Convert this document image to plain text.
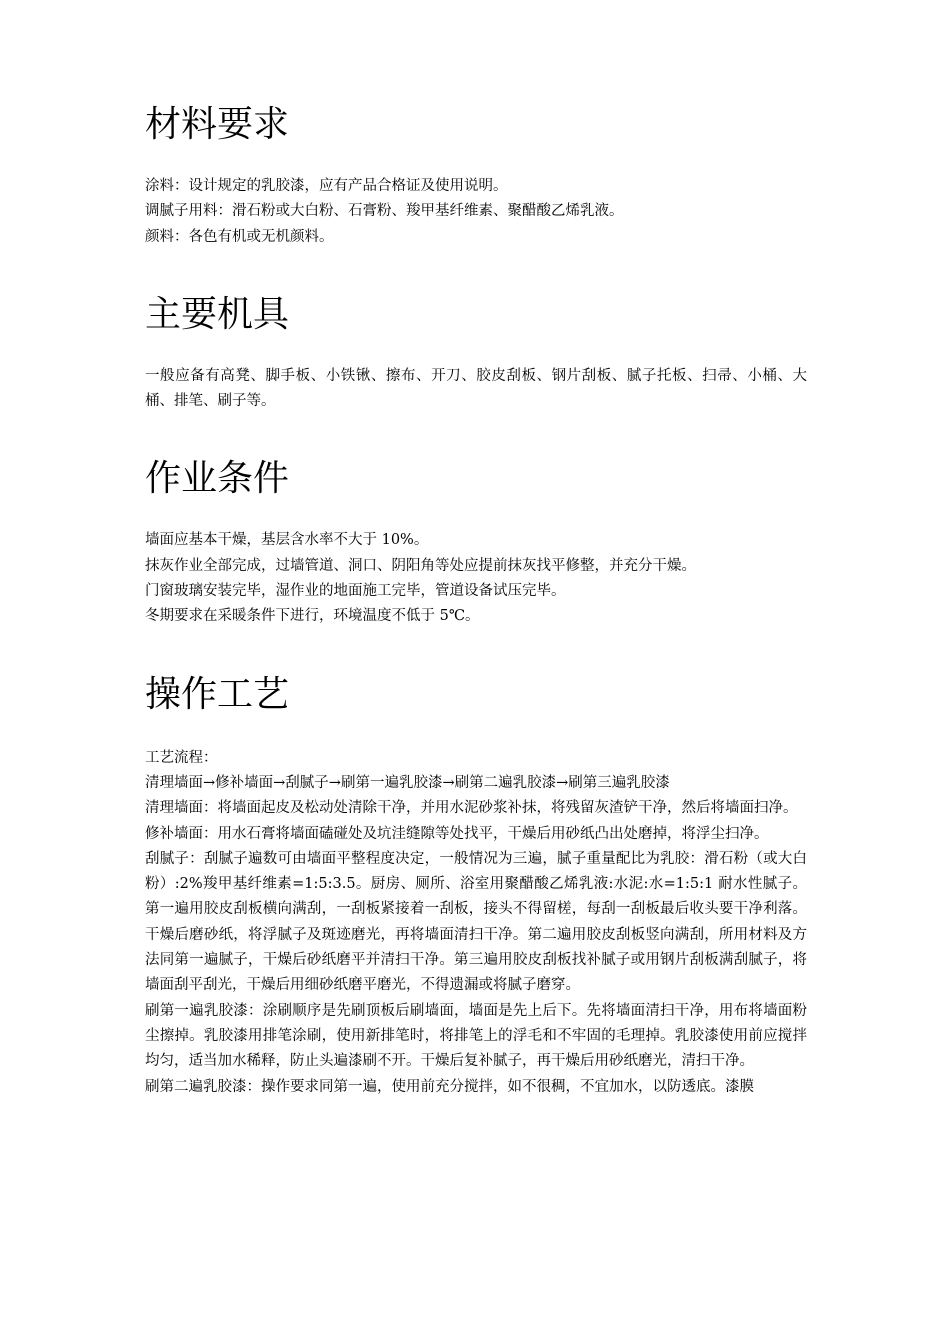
材料要求

涂料：设计规定的乳胶漆，应有产品合格证及使用说明。

调腻子用料：滑石粉或大白粉、石膏粉、羧甲基纤维素、聚醋酸乙烯乳液。

颜料：各色有机或无机颜料。

主要机具

一般应备有高凳、脚手板、小铁锹、擦布、开刀、胶皮刮板、钢片刮板、腻子托板、扫帚、小桶、大桶、排笔、刷子等。

作业条件

墙面应基本干燥，基层含水率不大于 10%。

抹灰作业全部完成，过墙管道、洞口、阴阳角等处应提前抹灰找平修整，并充分干燥。

门窗玻璃安装完毕，湿作业的地面施工完毕，管道设备试压完毕。

冬期要求在采暖条件下进行，环境温度不低于 5℃。

操作工艺

工艺流程：

清理墙面→修补墙面→刮腻子→刷第一遍乳胶漆→刷第二遍乳胶漆→刷第三遍乳胶漆

清理墙面：将墙面起皮及松动处清除干净，并用水泥砂浆补抹，将残留灰渣铲干净，然后将墙面扫净。

修补墙面：用水石膏将墙面磕碰处及坑洼缝隙等处找平，干燥后用砂纸凸出处磨掉，将浮尘扫净。

刮腻子：刮腻子遍数可由墙面平整程度决定，一般情况为三遍，腻子重量配比为乳胶：滑石粉（或大白粉）:2%羧甲基纤维素=1:5:3.5。厨房、厕所、浴室用聚醋酸乙烯乳液:水泥:水=1:5:1 耐水性腻子。第一遍用胶皮刮板横向满刮，一刮板紧接着一刮板，接头不得留槎，每刮一刮板最后收头要干净利落。干燥后磨砂纸，将浮腻子及斑迹磨光，再将墙面清扫干净。第二遍用胶皮刮板竖向满刮，所用材料及方法同第一遍腻子，干燥后砂纸磨平并清扫干净。第三遍用胶皮刮板找补腻子或用钢片刮板满刮腻子，将墙面刮平刮光，干燥后用细砂纸磨平磨光，不得遗漏或将腻子磨穿。

刷第一遍乳胶漆：涂刷顺序是先刷顶板后刷墙面，墙面是先上后下。先将墙面清扫干净，用布将墙面粉尘擦掉。乳胶漆用排笔涂刷，使用新排笔时，将排笔上的浮毛和不牢固的毛理掉。乳胶漆使用前应搅拌均匀，适当加水稀释，防止头遍漆刷不开。干燥后复补腻子，再干燥后用砂纸磨光，清扫干净。

刷第二遍乳胶漆：操作要求同第一遍，使用前充分搅拌，如不很稠，不宜加水，以防透底。漆膜
